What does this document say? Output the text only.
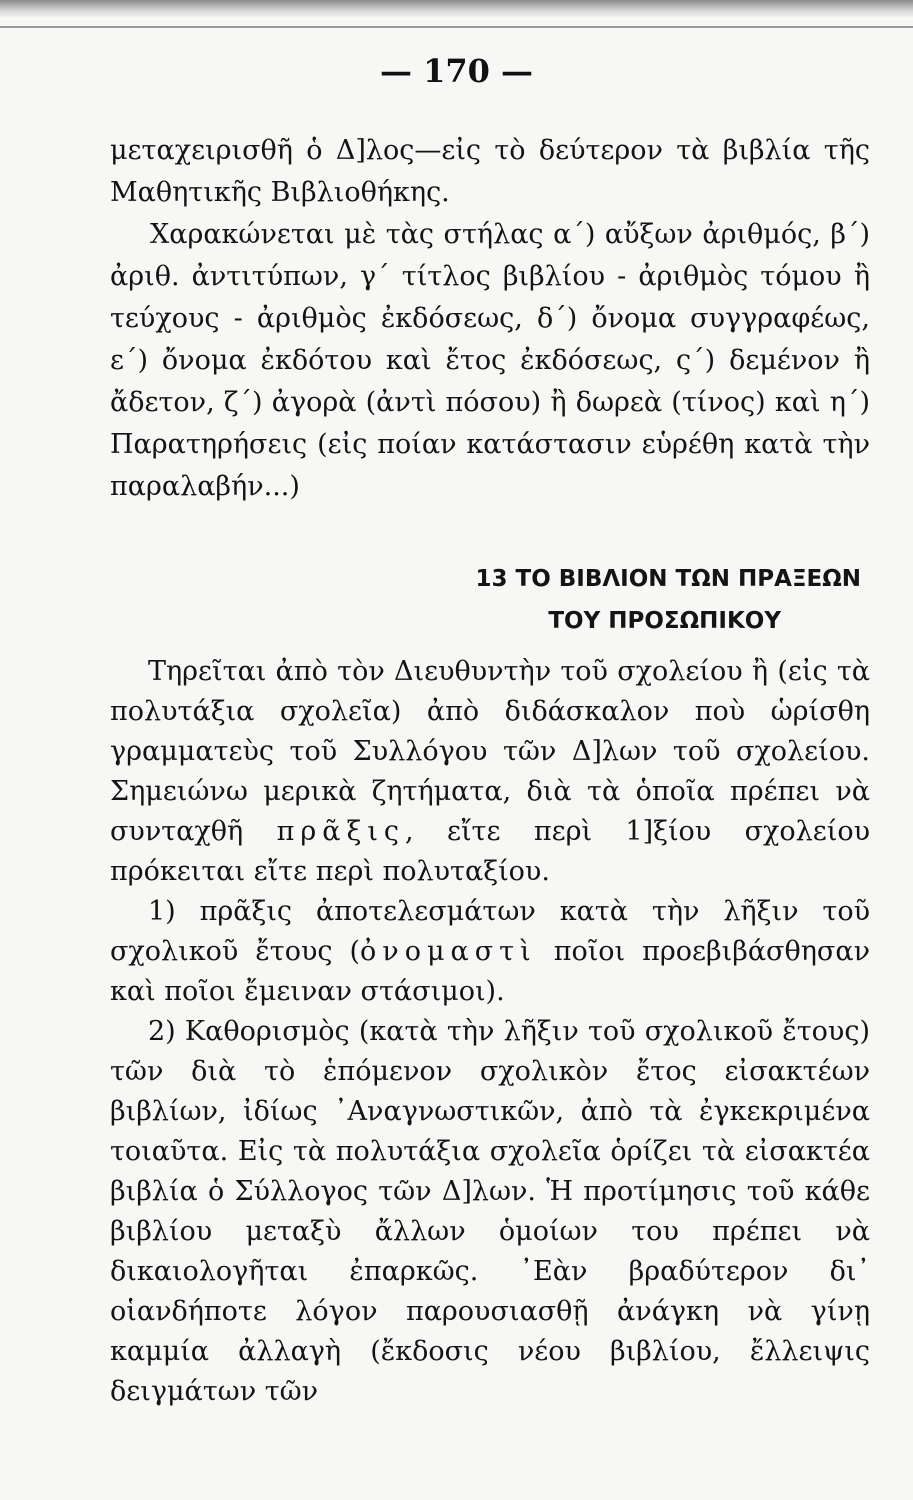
— 170 —

μεταχειρισθῆ ὁ Δ]λος—εἰς τὸ δεύτερον τὰ βιβλία τῆς Μαθητικῆς Βιβλιοθήκης.

Χαρακώνεται μὲ τὰς στήλας α΄) αὔξων ἀριθμός, β΄) ἀριθ. ἀντιτύπων, γ΄ τίτλος βιβλίου - ἀριθμὸς τόμου ἢ τεύχους - ἀριθμὸς ἐκδόσεως, δ΄) ὄνομα συγγραφέως, ε΄) ὄνομα ἐκδότου καὶ ἔτος ἐκδόσεως, ς΄) δεμένον ἢ ἄδετον, ζ΄) ἀγορὰ (ἀντὶ πόσου) ἢ δωρεὰ (τίνος) καὶ η΄) Παρατηρήσεις (εἰς ποίαν κατάστασιν εὑρέθη κατὰ τὴν παραλαβήν...)

13 ΤΟ ΒΙΒΛΙΟΝ ΤΩΝ ΠΡΑΞΕΩΝ
ΤΟΥ ΠΡΟΣΩΠΙΚΟΥ

Τηρεῖται ἀπὸ τὸν Διευθυντὴν τοῦ σχολείου ἢ (εἰς τὰ πολυτάξια σχολεῖα) ἀπὸ διδάσκαλον ποὺ ὡρίσθη γραμματεὺς τοῦ Συλλόγου τῶν Δ]λων τοῦ σχολείου. Σημειώνω μερικὰ ζητήματα, διὰ τὰ ὁποῖα πρέπει νὰ συνταχθῆ πρᾶξις, εἴτε περὶ 1]ξίου σχολείου πρόκειται εἴτε περὶ πολυταξίου.

1) πρᾶξις ἀποτελεσμάτων κατὰ τὴν λῆξιν τοῦ σχολικοῦ ἔτους (ὀνομαστὶ ποῖοι προεβιβάσθησαν καὶ ποῖοι ἔμειναν στάσιμοι).

2) Καθορισμὸς (κατὰ τὴν λῆξιν τοῦ σχολικοῦ ἔτους) τῶν διὰ τὸ ἑπόμενον σχολικὸν ἔτος εἰσακτέων βιβλίων, ἰδίως ᾽Αναγνωστικῶν, ἀπὸ τὰ ἐγκεκριμένα τοιαῦτα. Εἰς τὰ πολυτάξια σχολεῖα ὁρίζει τὰ εἰσακτέα βιβλία ὁ Σύλλογος τῶν Δ]λων. Ἡ προτίμησις τοῦ κάθε βιβλίου μεταξὺ ἄλλων ὁμοίων του πρέπει νὰ δικαιολογῆται ἐπαρκῶς. ᾽Εὰν βραδύτερον δι᾽ οἱανδήποτε λόγον παρουσιασθῇ ἀνάγκη νὰ γίνῃ καμμία ἀλλαγὴ (ἔκδοσις νέου βιβλίου, ἔλλειψις δειγμάτων τῶν
